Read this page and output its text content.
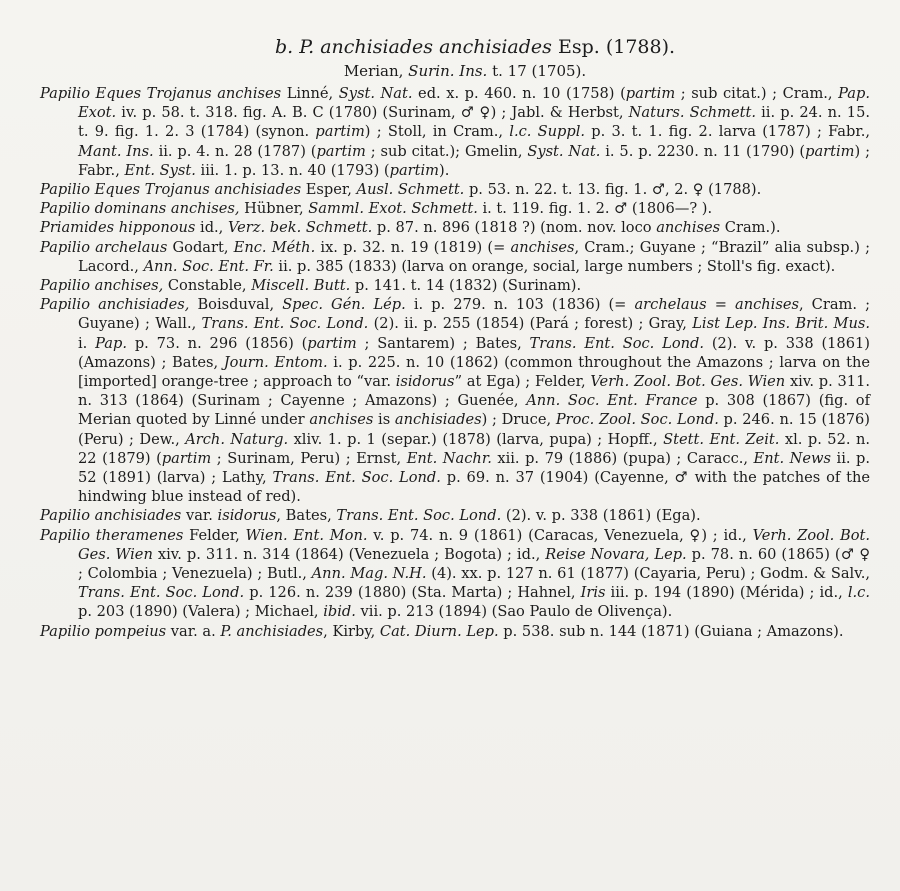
b. P. anchisiades anchisiades Esp. (1788).
Merian, Surin. Ins. t. 17 (1705).

Papilio Eques Trojanus anchises Linné, Syst. Nat. ed. x. p. 460. n. 10 (1758) (partim ; sub citat.) ; Cram., Pap. Exot. iv. p. 58. t. 318. fig. A. B. C (1780) (Surinam, ♂ ♀) ; Jabl. & Herbst, Naturs. Schmett. ii. p. 24. n. 15. t. 9. fig. 1. 2. 3 (1784) (synon. partim) ; Stoll, in Cram., l.c. Suppl. p. 3. t. 1. fig. 2. larva (1787) ; Fabr., Mant. Ins. ii. p. 4. n. 28 (1787) (partim ; sub citat.); Gmelin, Syst. Nat. i. 5. p. 2230. n. 11 (1790) (partim) ; Fabr., Ent. Syst. iii. 1. p. 13. n. 40 (1793) (partim).

Papilio Eques Trojanus anchisiades Esper, Ausl. Schmett. p. 53. n. 22. t. 13. fig. 1. ♂, 2. ♀ (1788).

Papilio dominans anchises, Hübner, Samml. Exot. Schmett. i. t. 119. fig. 1. 2. ♂ (1806—? ).

Priamides hipponous id., Verz. bek. Schmett. p. 87. n. 896 (1818 ?) (nom. nov. loco anchises Cram.).

Papilio archelaus Godart, Enc. Méth. ix. p. 32. n. 19 (1819) (= anchises, Cram.; Guyane ; “Brazil” alia subsp.) ; Lacord., Ann. Soc. Ent. Fr. ii. p. 385 (1833) (larva on orange, social, large numbers ; Stoll's fig. exact).

Papilio anchises, Constable, Miscell. Butt. p. 141. t. 14 (1832) (Surinam).

Papilio anchisiades, Boisduval, Spec. Gén. Lép. i. p. 279. n. 103 (1836) (= archelaus = anchises, Cram. ; Guyane) ; Wall., Trans. Ent. Soc. Lond. (2). ii. p. 255 (1854) (Pará ; forest) ; Gray, List Lep. Ins. Brit. Mus. i. Pap. p. 73. n. 296 (1856) (partim ; Santarem) ; Bates, Trans. Ent. Soc. Lond. (2). v. p. 338 (1861) (Amazons) ; Bates, Journ. Entom. i. p. 225. n. 10 (1862) (common throughout the Amazons ; larva on the [imported] orange-tree ; approach to “var. isidorus” at Ega) ; Felder, Verh. Zool. Bot. Ges. Wien xiv. p. 311. n. 313 (1864) (Surinam ; Cayenne ; Amazons) ; Guenée, Ann. Soc. Ent. France p. 308 (1867) (fig. of Merian quoted by Linné under anchises is anchisiades) ; Druce, Proc. Zool. Soc. Lond. p. 246. n. 15 (1876) (Peru) ; Dew., Arch. Naturg. xliv. 1. p. 1 (separ.) (1878) (larva, pupa) ; Hopff., Stett. Ent. Zeit. xl. p. 52. n. 22 (1879) (partim ; Surinam, Peru) ; Ernst, Ent. Nachr. xii. p. 79 (1886) (pupa) ; Caracc., Ent. News ii. p. 52 (1891) (larva) ; Lathy, Trans. Ent. Soc. Lond. p. 69. n. 37 (1904) (Cayenne, ♂ with the patches of the hindwing blue instead of red).

Papilio anchisiades var. isidorus, Bates, Trans. Ent. Soc. Lond. (2). v. p. 338 (1861) (Ega).

Papilio theramenes Felder, Wien. Ent. Mon. v. p. 74. n. 9 (1861) (Caracas, Venezuela, ♀) ; id., Verh. Zool. Bot. Ges. Wien xiv. p. 311. n. 314 (1864) (Venezuela ; Bogota) ; id., Reise Novara, Lep. p. 78. n. 60 (1865) (♂ ♀ ; Colombia ; Venezuela) ; Butl., Ann. Mag. N.H. (4). xx. p. 127 n. 61 (1877) (Cayaria, Peru) ; Godm. & Salv., Trans. Ent. Soc. Lond. p. 126. n. 239 (1880) (Sta. Marta) ; Hahnel, Iris iii. p. 194 (1890) (Mérida) ; id., l.c. p. 203 (1890) (Valera) ; Michael, ibid. vii. p. 213 (1894) (Sao Paulo de Olivença).

Papilio pompeius var. a. P. anchisiades, Kirby, Cat. Diurn. Lep. p. 538. sub n. 144 (1871) (Guiana ; Amazons).
